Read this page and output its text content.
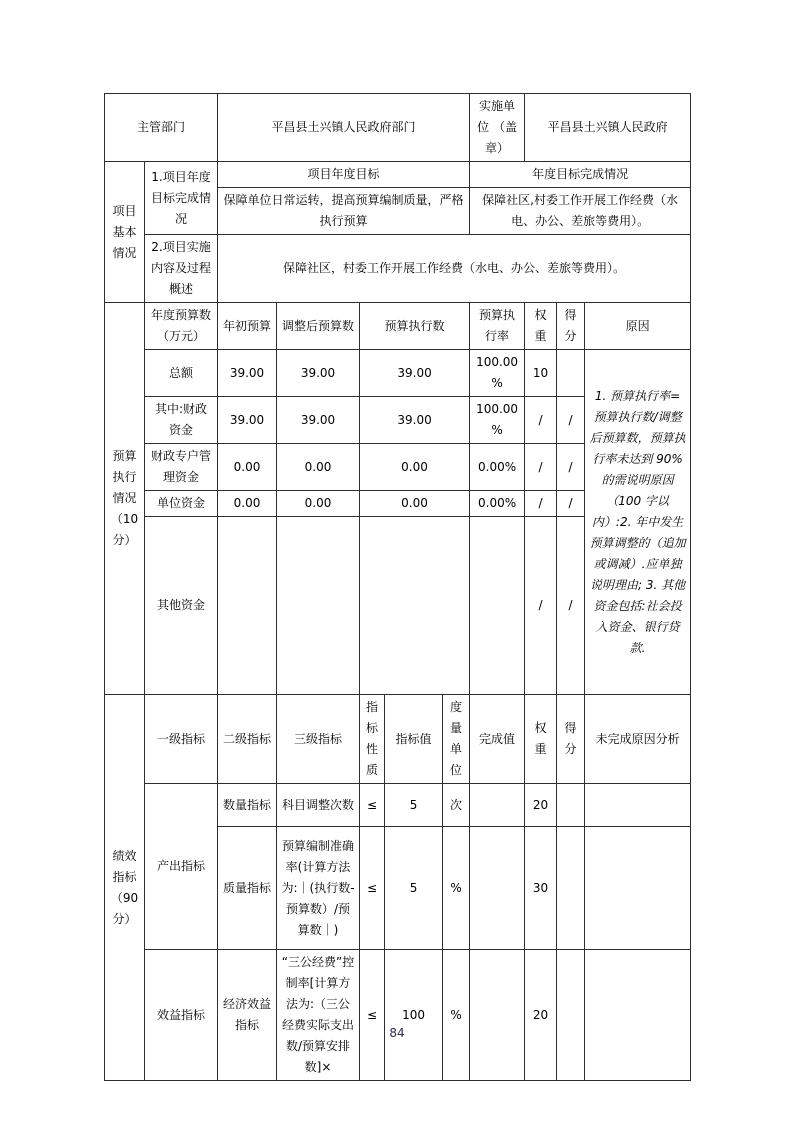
主管部门		平昌县土兴镇人民政府部门					实施单位 （盖章）	平昌县土兴镇人民政府		
项目基本情况	1.项目年度目标完成情况	项目年度目标					年度目标完成情况			
		保障单位日常运转，提高预算编制质量，严格执行预算					保障社区,村委工作开展工作经费（水电、办公、差旅等费用）。			
	2.项目实施内容及过程概述	保障社区，村委工作开展工作经费（水电、办公、差旅等费用）。								
预算执行情况（10分）	年度预算数（万元）	年初预算	调整后预算数	预算执行数			预算执行率	权重	得分	原因
	总额	39.00	39.00	39.00			100.00%	10		1. 预算执行率=预算执行数/调整后预算数，预算执行率未达到 90%的需说明原因（100 字以内）:2. 年中发生预算调整的（追加或调减）.应单独说明理由; 3. 其他资金包括:社会投入资金、银行贷款.
	其中:财政资金	39.00	39.00	39.00			100.00%	/	/	
	财政专户管理资金	0.00	0.00	0.00			0.00%	/	/	
	单位资金	0.00	0.00	0.00			0.00%	/	/	
	其他资金							/	/	
绩效指标（90分）	一级指标	二级指标	三级指标	指标性质	指标值	度量单位	完成值	权重	得分	未完成原因分析
	产出指标	数量指标	科目调整次数	≤	5	次		20		
		质量指标	预算编制准确率(计算方法为:｜(执行数-预算数）/预算数｜)	≤	5	%		30		
	效益指标	经济效益指标	“三公经费”控制率[计算方法为:（三公经费实际支出数/预算安排数]×	≤	100	%		20		
84
